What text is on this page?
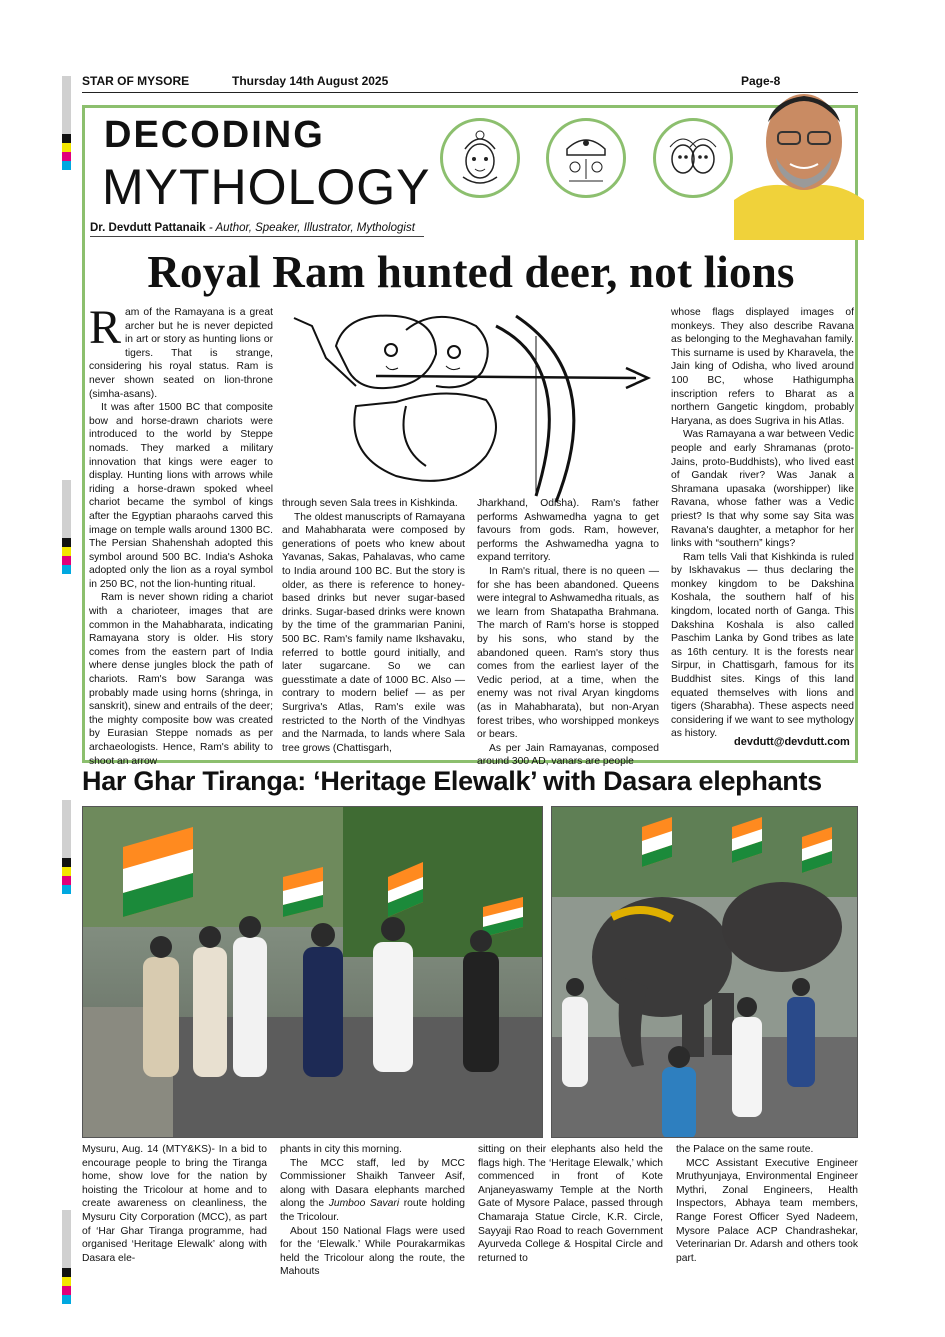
STAR OF MYSORE	Thursday 14th August 2025	Page-8
DECODING
MYTHOLOGY
Dr. Devdutt Pattanaik - Author, Speaker, Illustrator, Mythologist
Royal Ram hunted deer, not lions

Ram of the Ramayana is a great archer but he is never depicted in art or story as hunting lions or tigers. That is strange, considering his royal status. Ram is never shown seated on lion-throne (simha-asans).

It was after 1500 BC that composite bow and horse-drawn chariots were introduced to the world by Steppe nomads. They marked a military innovation that kings were eager to display. Hunting lions with arrows while riding a horse-drawn spoked wheel chariot became the symbol of kings after the Egyptian pharaohs carved this image on temple walls around 1300 BC. The Persian Shahenshah adopted this symbol around 500 BC. India's Ashoka adopted only the lion as a royal symbol in 250 BC, not the lion-hunting ritual.

Ram is never shown riding a chariot with a charioteer, images that are common in the Mahabharata, indicating Ramayana story is older. His story comes from the eastern part of India where dense jungles block the path of chariots. Ram's bow Saranga was probably made using horns (shringa, in sanskrit), sinew and entrails of the deer; the mighty composite bow was created by Eurasian Steppe nomads as per archaeologists. Hence, Ram's ability to shoot an arrow

through seven Sala trees in Kishkinda.

The oldest manuscripts of Ramayana and Mahabharata were composed by generations of poets who knew about Yavanas, Sakas, Pahalavas, who came to India around 100 BC. But the story is older, as there is reference to honey-based drinks but never sugar-based drinks. Sugar-based drinks were known by the time of the grammarian Panini, 500 BC. Ram's family name Ikshavaku, referred to bottle gourd initially, and later sugarcane. So we can guesstimate a date of 1000 BC. Also — contrary to modern belief — as per Surgriva's Atlas, Ram's exile was restricted to the North of the Vindhyas and the Narmada, to lands where Sala tree grows (Chattisgarh,

Jharkhand, Odisha). Ram's father performs Ashwamedha yagna to get favours from gods. Ram, however, performs the Ashwamedha yagna to expand territory.

In Ram's ritual, there is no queen — for she has been abandoned. Queens were integral to Ashwamedha rituals, as we learn from Shatapatha Brahmana. The march of Ram's horse is stopped by his sons, who stand by the abandoned queen. Ram's story thus comes from the earliest layer of the Vedic period, at a time, when the enemy was not rival Aryan kingdoms (as in Mahabharata), but non-Aryan forest tribes, who worshipped monkeys or bears.

As per Jain Ramayanas, composed around 300 AD, vanars are people

whose flags displayed images of monkeys. They also describe Ravana as belonging to the Meghavahan family. This surname is used by Kharavela, the Jain king of Odisha, who lived around 100 BC, whose Hathigumpha inscription refers to Bharat as a northern Gangetic kingdom, probably Haryana, as does Sugriva in his Atlas.

Was Ramayana a war between Vedic people and early Shramanas (proto-Jains, proto-Buddhists), who lived east of Gandak river? Was Janak a Shramana upasaka (worshipper) like Ravana, whose father was a Vedic priest? Is that why some say Sita was Ravana's daughter, a metaphor for her links with “southern” kings?

Ram tells Vali that Kishkinda is ruled by Iskhavakus — thus declaring the monkey kingdom to be Dakshina Koshala, the southern half of his kingdom, located north of Ganga. This Dakshina Koshala is also called Paschim Lanka by Gond tribes as late as 16th century. It is the forests near Sirpur, in Chattisgarh, famous for its Buddhist sites. Kings of this land equated themselves with lions and tigers (Sharabha). These aspects need considering if we want to see mythology as history.

devdutt@devdutt.com
Har Ghar Tiranga: ‘Heritage Elewalk’ with Dasara elephants

Mysuru, Aug. 14 (MTY&KS)- In a bid to encourage people to bring the Tiranga home, show love for the nation by hoisting the Tricolour at home and to create awareness on cleanliness, the Mysuru City Corporation (MCC), as part of ‘Har Ghar Tiranga programme, had organised ‘Heritage Elewalk’ along with Dasara ele-

phants in city this morning.

The MCC staff, led by MCC Commissioner Shaikh Tanveer Asif, along with Dasara elephants marched along the Jumboo Savari route holding the Tricolour.

About 150 National Flags were used for the ‘Elewalk.’ While Pourakarmikas held the Tricolour along the route, the Mahouts

sitting on their elephants also held the flags high. The ‘Heritage Elewalk,’ which commenced in front of Kote Anjaneyaswamy Temple at the North Gate of Mysore Palace, passed through Chamaraja Statue Circle, K.R. Circle, Sayyaji Rao Road to reach Government Ayurveda College & Hospital Circle and returned to

the Palace on the same route.

MCC Assistant Executive Engineer Mruthyunjaya, Environmental Engineer Mythri, Zonal Engineers, Health Inspectors, Abhaya team members, Range Forest Officer Syed Nadeem, Mysore Palace ACP Chandrashekar, Veterinarian Dr. Adarsh and others took part.
